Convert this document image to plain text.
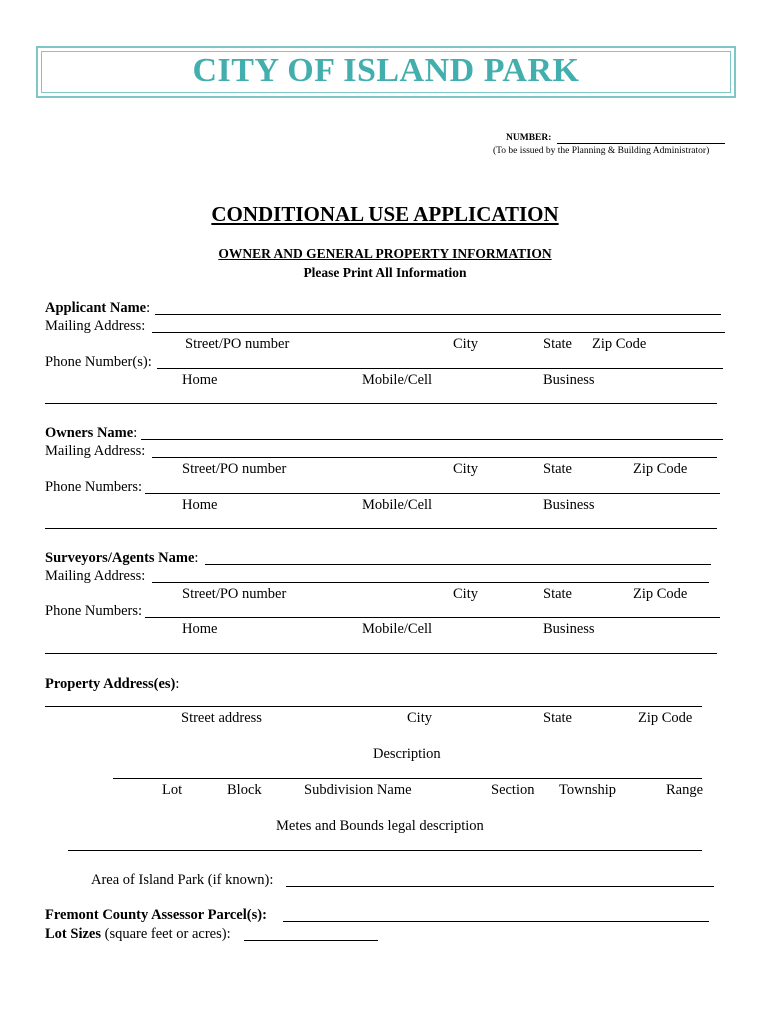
CITY OF ISLAND PARK
NUMBER:
(To be issued by the Planning & Building Administrator)
CONDITIONAL USE APPLICATION
OWNER AND GENERAL PROPERTY INFORMATION
Please Print All Information
Applicant Name:
Mailing Address:
Street/PO number	City	State Zip Code
Phone Number(s):
Home	Mobile/Cell	Business
Owners Name:
Mailing Address:
Street/PO number	City	State	Zip Code
Phone Numbers:
Home	Mobile/Cell	Business
Surveyors/Agents Name:
Mailing Address:
Street/PO number	City	State	Zip Code
Phone Numbers:
Home	Mobile/Cell	Business
Property Address(es):
Street address	City	State	Zip Code
Description
Lot	Block	Subdivision Name	Section Township	Range
Metes and Bounds legal description
Area of Island Park (if known):
Fremont County Assessor Parcel(s):
Lot Sizes (square feet or acres):
